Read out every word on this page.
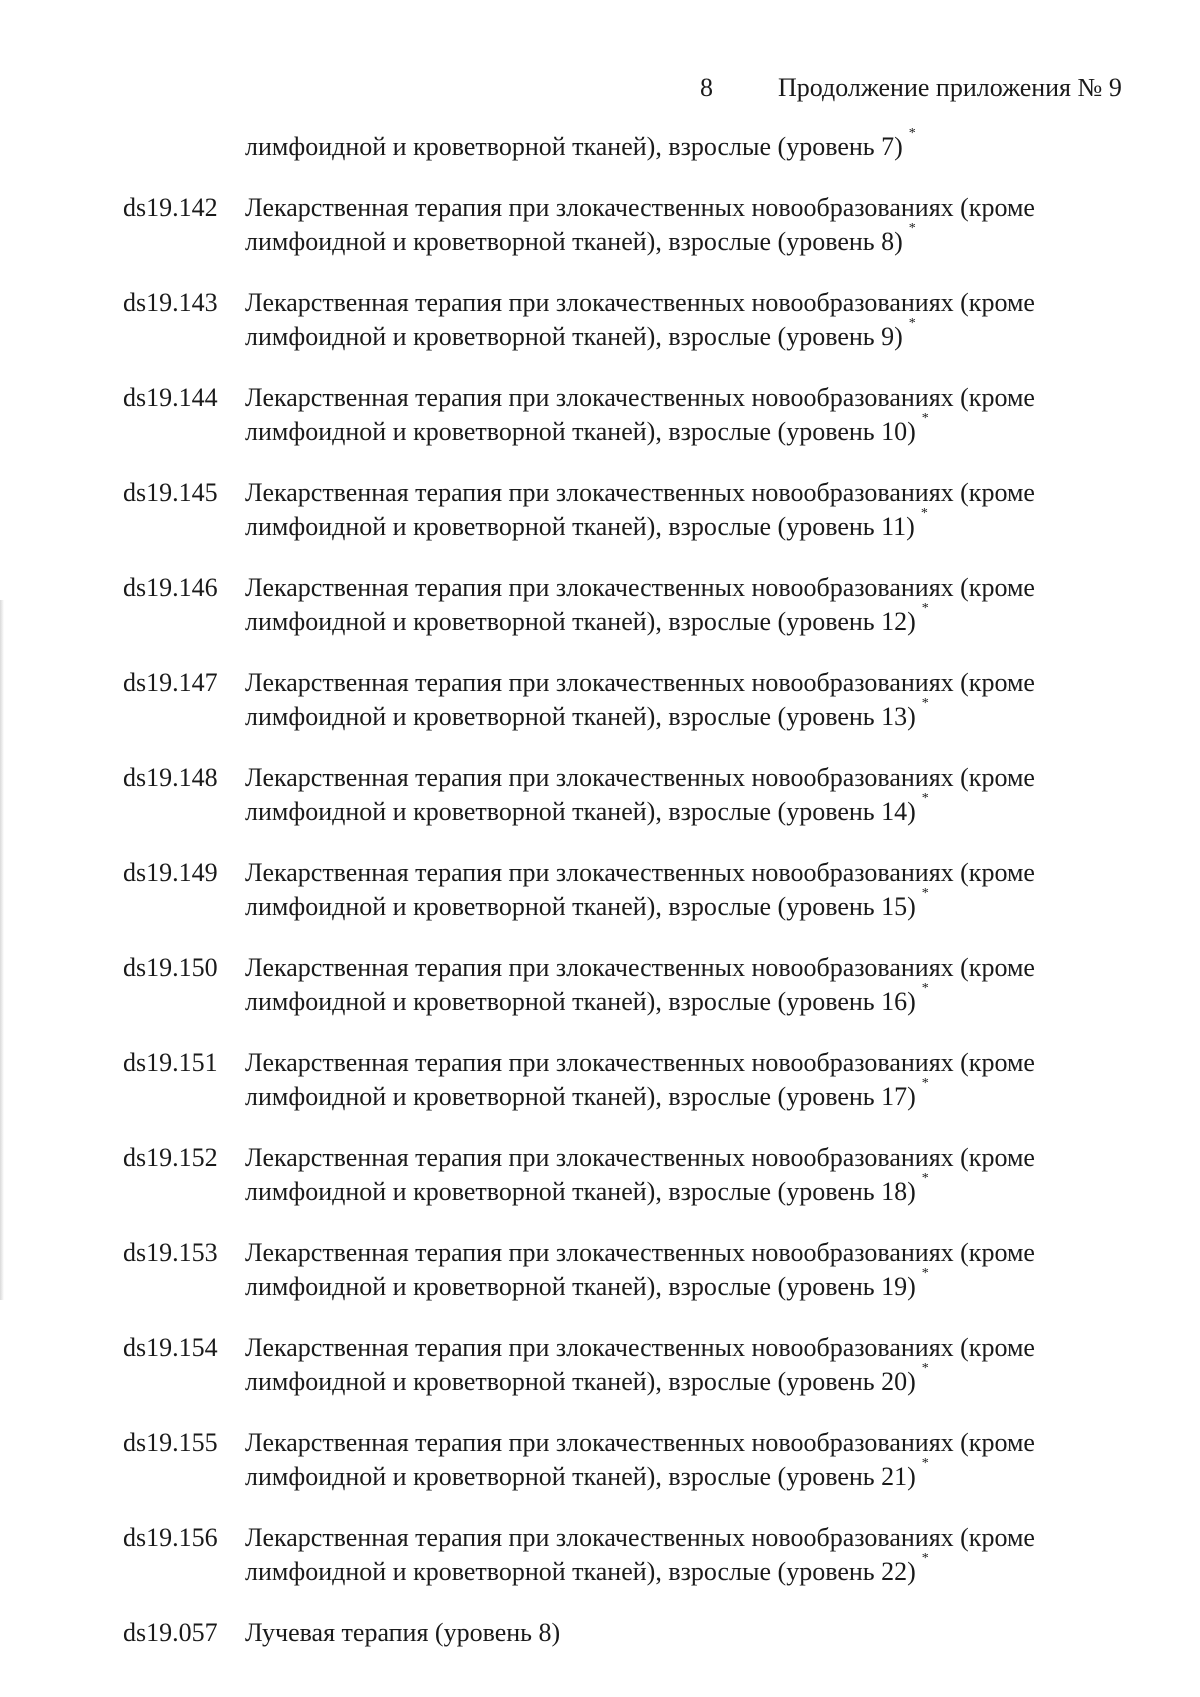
8	Продолжение приложения № 9
лимфоидной и кроветворной тканей), взрослые (уровень 7) *
ds19.142	Лекарственная терапия при злокачественных новообразованиях (кроме
лимфоидной и кроветворной тканей), взрослые (уровень 8) *
ds19.143	Лекарственная терапия при злокачественных новообразованиях (кроме
лимфоидной и кроветворной тканей), взрослые (уровень 9) *
ds19.144	Лекарственная терапия при злокачественных новообразованиях (кроме
лимфоидной и кроветворной тканей), взрослые (уровень 10) *
ds19.145	Лекарственная терапия при злокачественных новообразованиях (кроме
лимфоидной и кроветворной тканей), взрослые (уровень 11) *
ds19.146	Лекарственная терапия при злокачественных новообразованиях (кроме
лимфоидной и кроветворной тканей), взрослые (уровень 12) *
ds19.147	Лекарственная терапия при злокачественных новообразованиях (кроме
лимфоидной и кроветворной тканей), взрослые (уровень 13) *
ds19.148	Лекарственная терапия при злокачественных новообразованиях (кроме
лимфоидной и кроветворной тканей), взрослые (уровень 14) *
ds19.149	Лекарственная терапия при злокачественных новообразованиях (кроме
лимфоидной и кроветворной тканей), взрослые (уровень 15) *
ds19.150	Лекарственная терапия при злокачественных новообразованиях (кроме
лимфоидной и кроветворной тканей), взрослые (уровень 16) *
ds19.151	Лекарственная терапия при злокачественных новообразованиях (кроме
лимфоидной и кроветворной тканей), взрослые (уровень 17) *
ds19.152	Лекарственная терапия при злокачественных новообразованиях (кроме
лимфоидной и кроветворной тканей), взрослые (уровень 18) *
ds19.153	Лекарственная терапия при злокачественных новообразованиях (кроме
лимфоидной и кроветворной тканей), взрослые (уровень 19) *
ds19.154	Лекарственная терапия при злокачественных новообразованиях (кроме
лимфоидной и кроветворной тканей), взрослые (уровень 20) *
ds19.155	Лекарственная терапия при злокачественных новообразованиях (кроме
лимфоидной и кроветворной тканей), взрослые (уровень 21) *
ds19.156	Лекарственная терапия при злокачественных новообразованиях (кроме
лимфоидной и кроветворной тканей), взрослые (уровень 22) *
ds19.057	Лучевая терапия (уровень 8)
